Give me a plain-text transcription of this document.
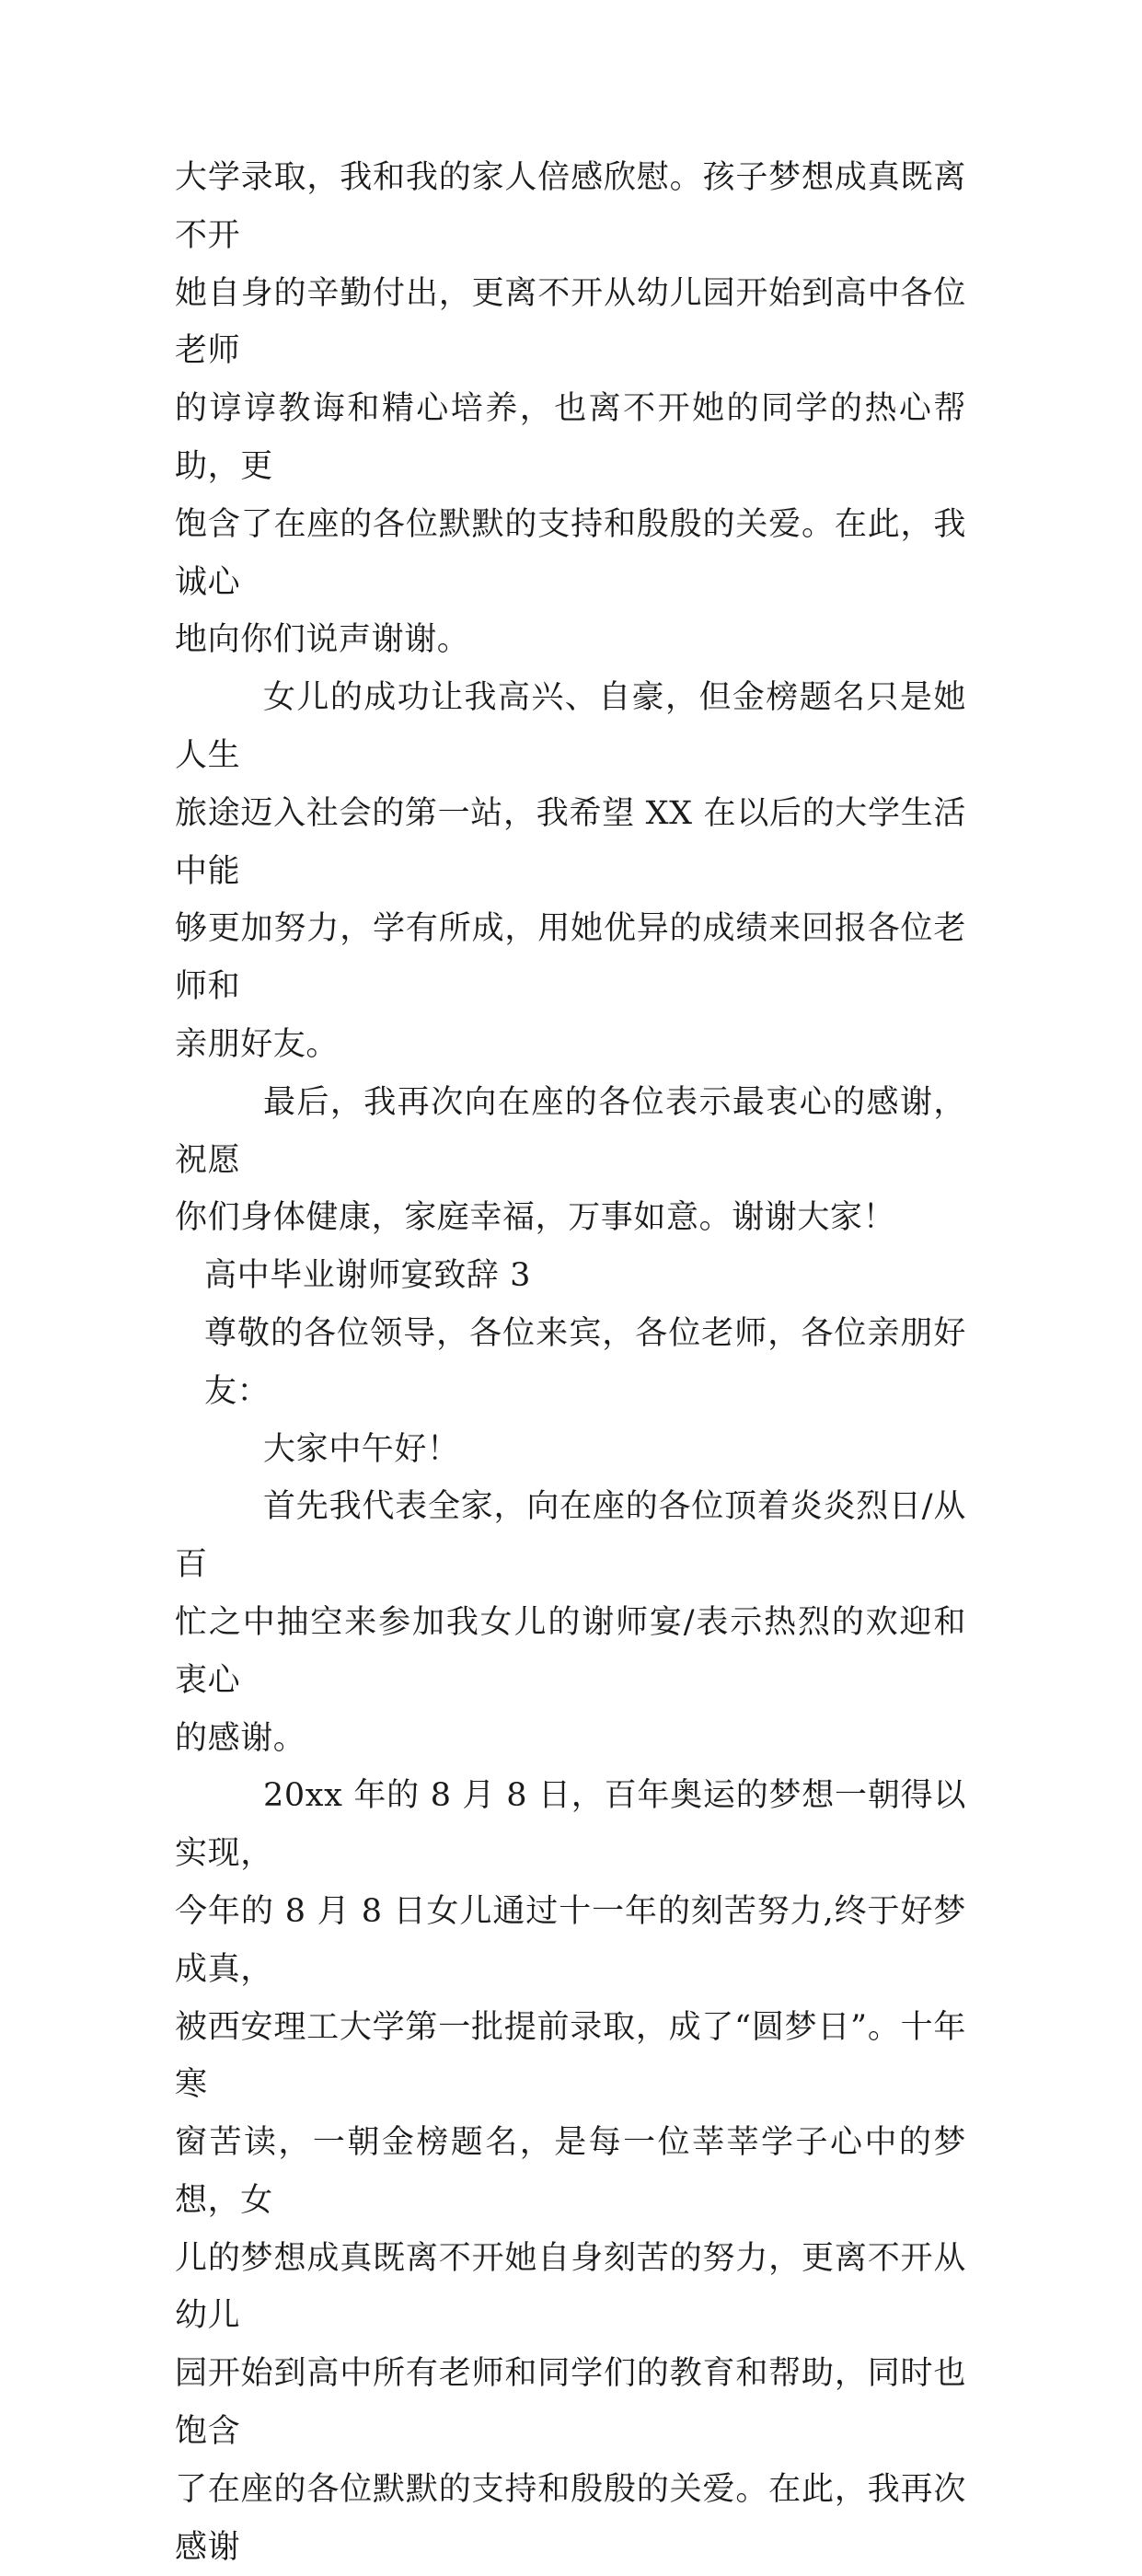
大学录取，我和我的家人倍感欣慰。孩子梦想成真既离不开
她自身的辛勤付出，更离不开从幼儿园开始到高中各位老师
的谆谆教诲和精心培养，也离不开她的同学的热心帮助，更
饱含了在座的各位默默的支持和殷殷的关爱。在此，我诚心
地向你们说声谢谢。

女儿的成功让我高兴、自豪，但金榜题名只是她人生
旅途迈入社会的第一站，我希望 XX 在以后的大学生活中能
够更加努力，学有所成，用她优异的成绩来回报各位老师和
亲朋好友。

最后，我再次向在座的各位表示最衷心的感谢，祝愿
你们身体健康，家庭幸福，万事如意。谢谢大家！

高中毕业谢师宴致辞 3

尊敬的各位领导，各位来宾，各位老师，各位亲朋好友：

大家中午好！

首先我代表全家，向在座的各位顶着炎炎烈日/从百
忙之中抽空来参加我女儿的谢师宴/表示热烈的欢迎和衷心
的感谢。

20xx 年的 8 月 8 日，百年奥运的梦想一朝得以实现，
今年的 8 月 8 日女儿通过十一年的刻苦努力,终于好梦成真，
被西安理工大学第一批提前录取，成了“圆梦日”。十年寒
窗苦读，一朝金榜题名，是每一位莘莘学子心中的梦想，女
儿的梦想成真既离不开她自身刻苦的努力，更离不开从幼儿
园开始到高中所有老师和同学们的教育和帮助，同时也饱含
了在座的各位默默的支持和殷殷的关爱。在此，我再次感谢
